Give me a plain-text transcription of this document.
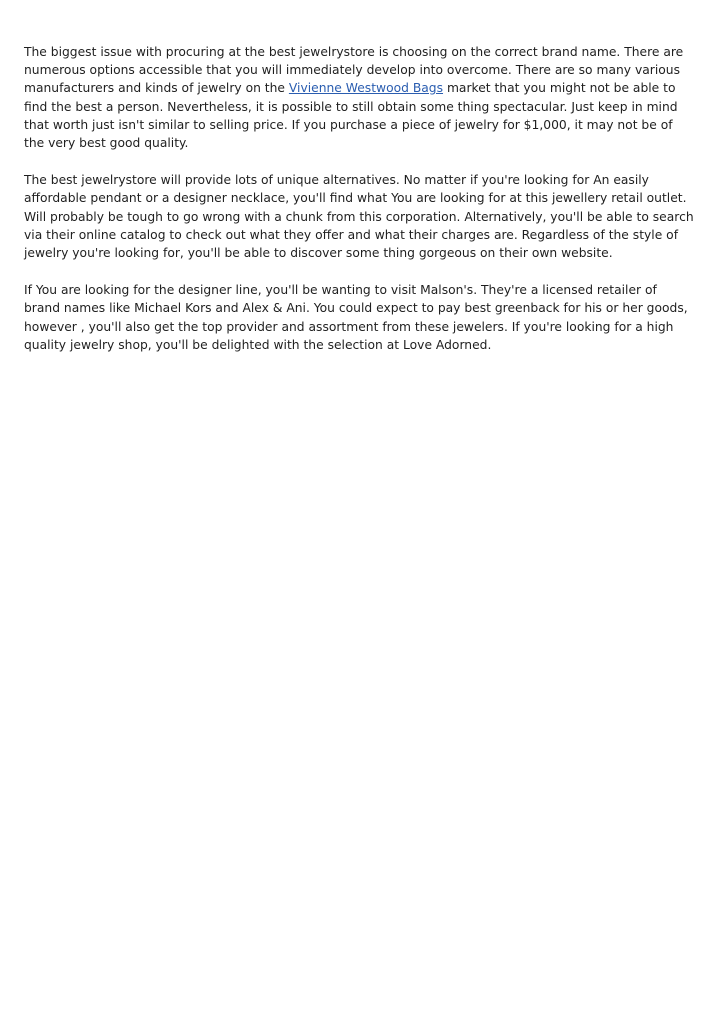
The biggest issue with procuring at the best jewelrystore is choosing on the correct brand name. There are numerous options accessible that you will immediately develop into overcome. There are so many various manufacturers and kinds of jewelry on the Vivienne Westwood Bags market that you might not be able to find the best a person. Nevertheless, it is possible to still obtain some thing spectacular. Just keep in mind that worth just isn't similar to selling price. If you purchase a piece of jewelry for $1,000, it may not be of the very best good quality.

The best jewelrystore will provide lots of unique alternatives. No matter if you're looking for An easily affordable pendant or a designer necklace, you'll find what You are looking for at this jewellery retail outlet. Will probably be tough to go wrong with a chunk from this corporation. Alternatively, you'll be able to search via their online catalog to check out what they offer and what their charges are. Regardless of the style of jewelry you're looking for, you'll be able to discover some thing gorgeous on their own website.

If You are looking for the designer line, you'll be wanting to visit Malson's. They're a licensed retailer of brand names like Michael Kors and Alex & Ani. You could expect to pay best greenback for his or her goods, however , you'll also get the top provider and assortment from these jewelers. If you're looking for a high quality jewelry shop, you'll be delighted with the selection at Love Adorned.
